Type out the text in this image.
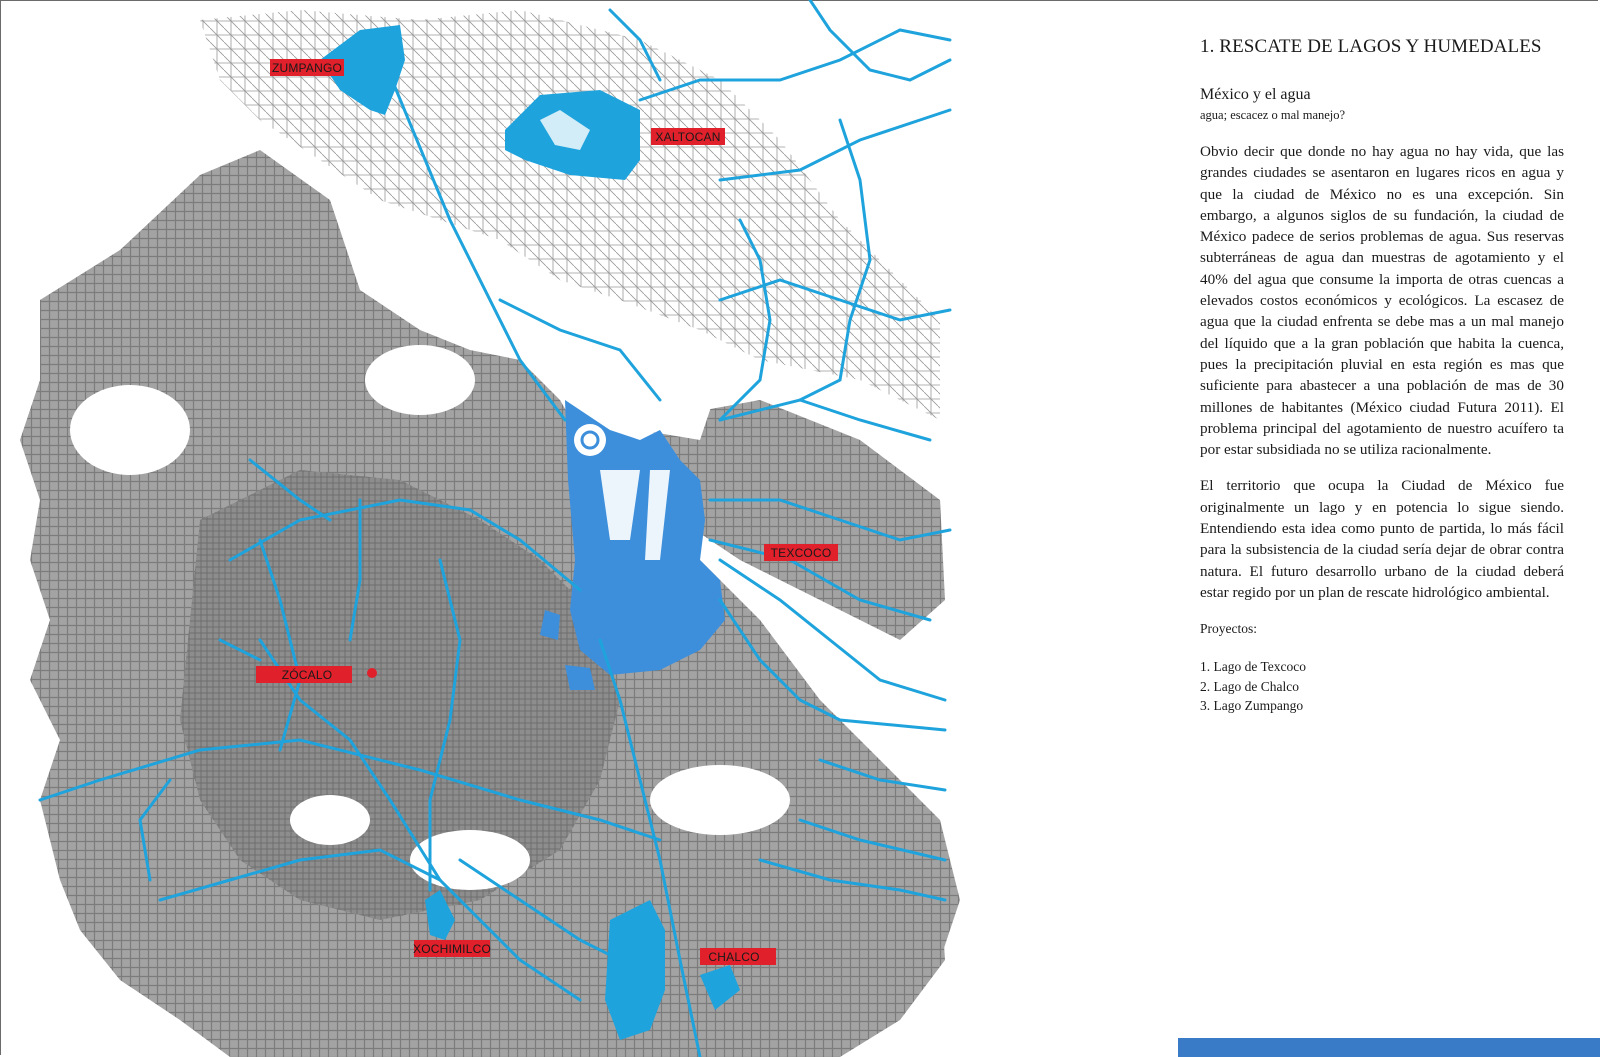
ZUMPANGO
XALTOCAN
TEXCOCO
ZÓCALO
XOCHIMILCO
CHALCO
1. RESCATE DE LAGOS Y HUMEDALES
México y el agua
agua; escacez o mal manejo?

Obvio decir que donde no hay agua no hay vida, que las grandes ciudades se asentaron en lugares ricos en agua y que la ciudad de México no es una excepción. Sin embargo, a algunos siglos de su fundación, la ciudad de México padece de serios problemas de agua. Sus reservas subterráneas de agua dan muestras de agotamiento y el 40% del agua que consume la importa de otras cuencas a elevados costos económicos y ecológicos. La escasez de agua que la ciudad enfrenta se debe mas a un mal manejo del líquido que a la gran población que habita la cuenca, pues la precipitación pluvial en esta región es mas que suficiente para abastecer a una población de mas de 30 millones de habitantes (México ciudad Futura 2011). El problema principal del agotamiento de nuestro acuífero ta por estar subsidiada no se utiliza racionalmente.

El territorio que ocupa la Ciudad de México fue originalmente un lago y en potencia lo sigue siendo. Entendiendo esta idea como punto de partida, lo más fácil para la subsistencia de la ciudad sería dejar de obrar contra natura. El futuro desarrollo urbano de la ciudad deberá estar regido por un plan de rescate hidrológico ambiental.

Proyectos:
1. Lago de Texcoco
2. Lago de Chalco
3. Lago Zumpango
